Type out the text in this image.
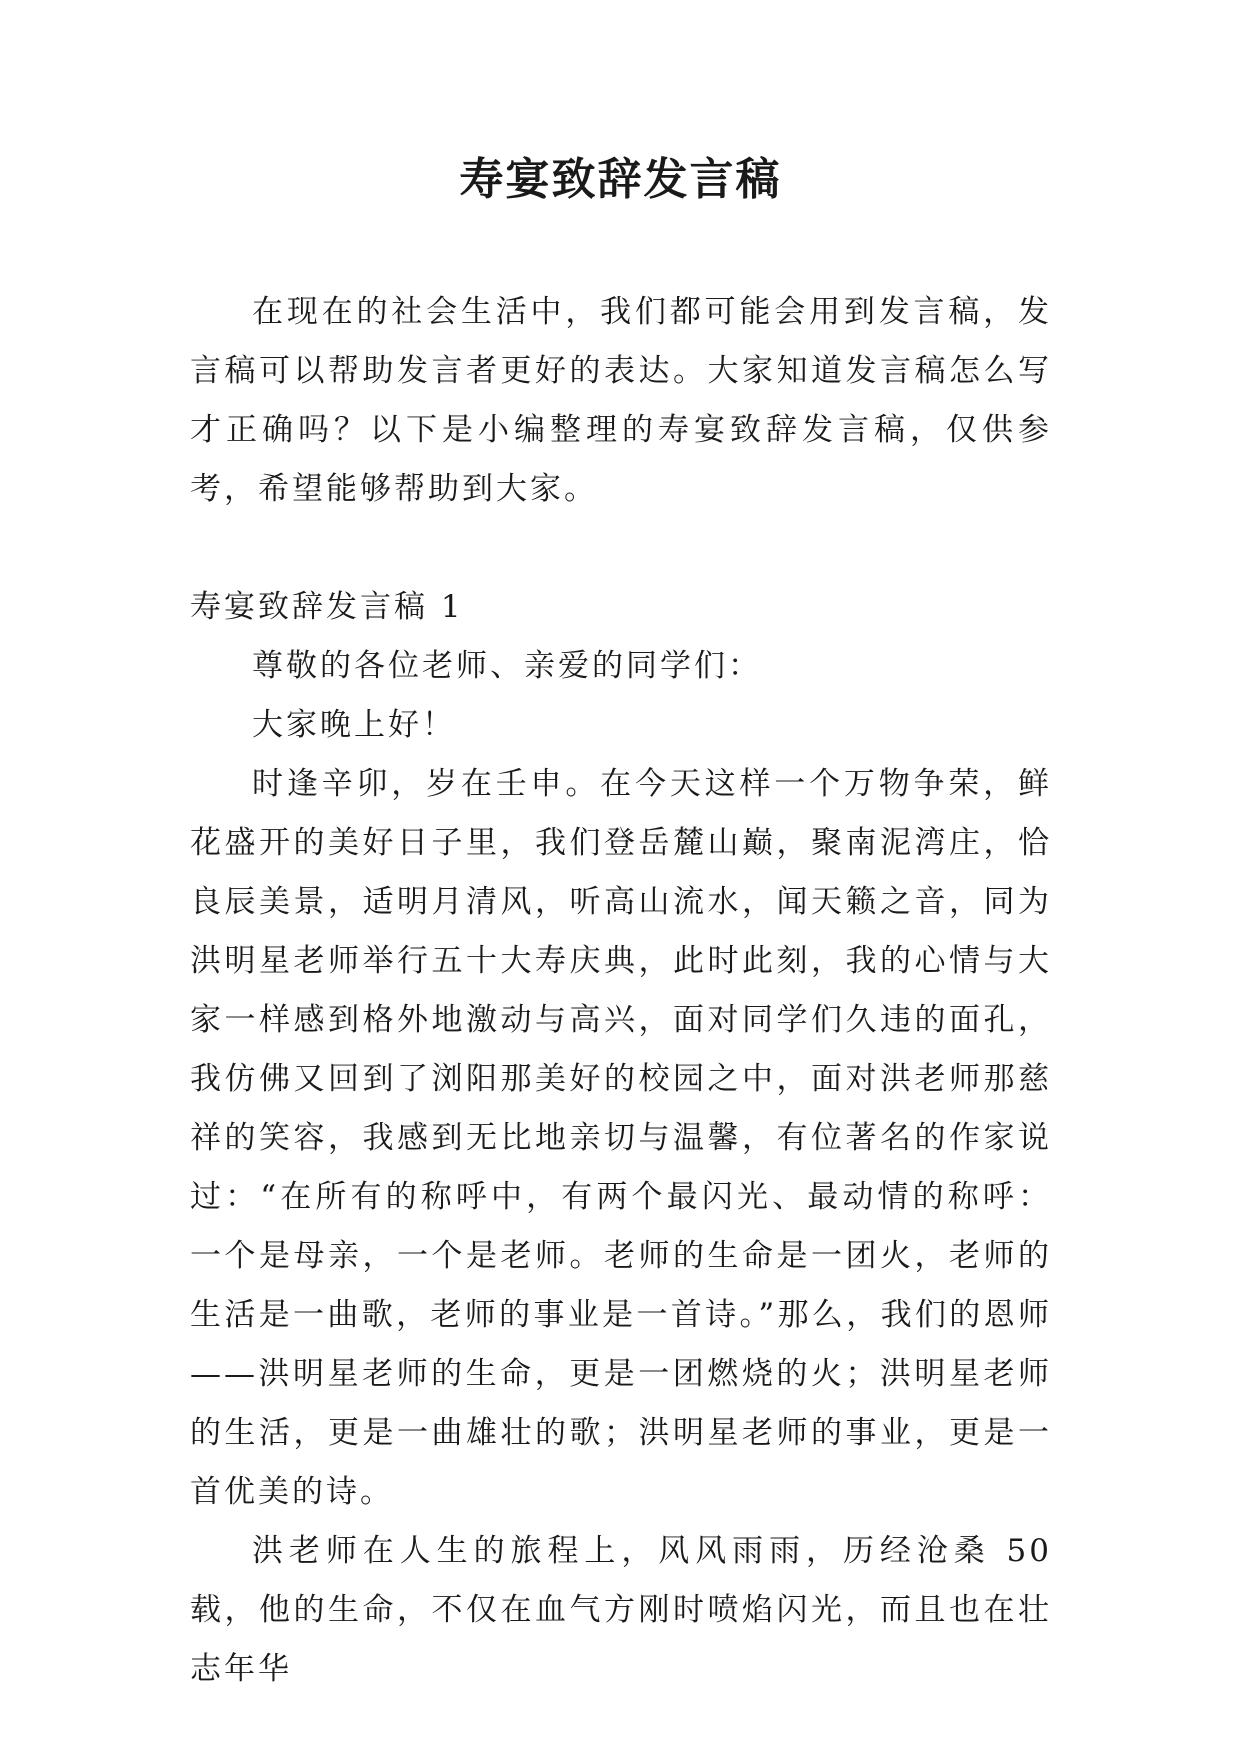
寿宴致辞发言稿

在现在的社会生活中，我们都可能会用到发言稿，发言稿可以帮助发言者更好的表达。大家知道发言稿怎么写才正确吗？以下是小编整理的寿宴致辞发言稿，仅供参考，希望能够帮助到大家。

寿宴致辞发言稿 1

尊敬的各位老师、亲爱的同学们：

大家晚上好！

时逢辛卯，岁在壬申。在今天这样一个万物争荣，鲜花盛开的美好日子里，我们登岳麓山巅，聚南泥湾庄，恰良辰美景，适明月清风，听高山流水，闻天籁之音，同为洪明星老师举行五十大寿庆典，此时此刻，我的心情与大家一样感到格外地激动与高兴，面对同学们久违的面孔，我仿佛又回到了浏阳那美好的校园之中，面对洪老师那慈祥的笑容，我感到无比地亲切与温馨，有位著名的作家说过：“在所有的称呼中，有两个最闪光、最动情的称呼：一个是母亲，一个是老师。老师的生命是一团火，老师的生活是一曲歌，老师的事业是一首诗。”那么，我们的恩师——洪明星老师的生命，更是一团燃烧的火；洪明星老师的生活，更是一曲雄壮的歌；洪明星老师的事业，更是一首优美的诗。

洪老师在人生的旅程上，风风雨雨，历经沧桑 50 载，他的生命，不仅在血气方刚时喷焰闪光，而且也在壮志年华
